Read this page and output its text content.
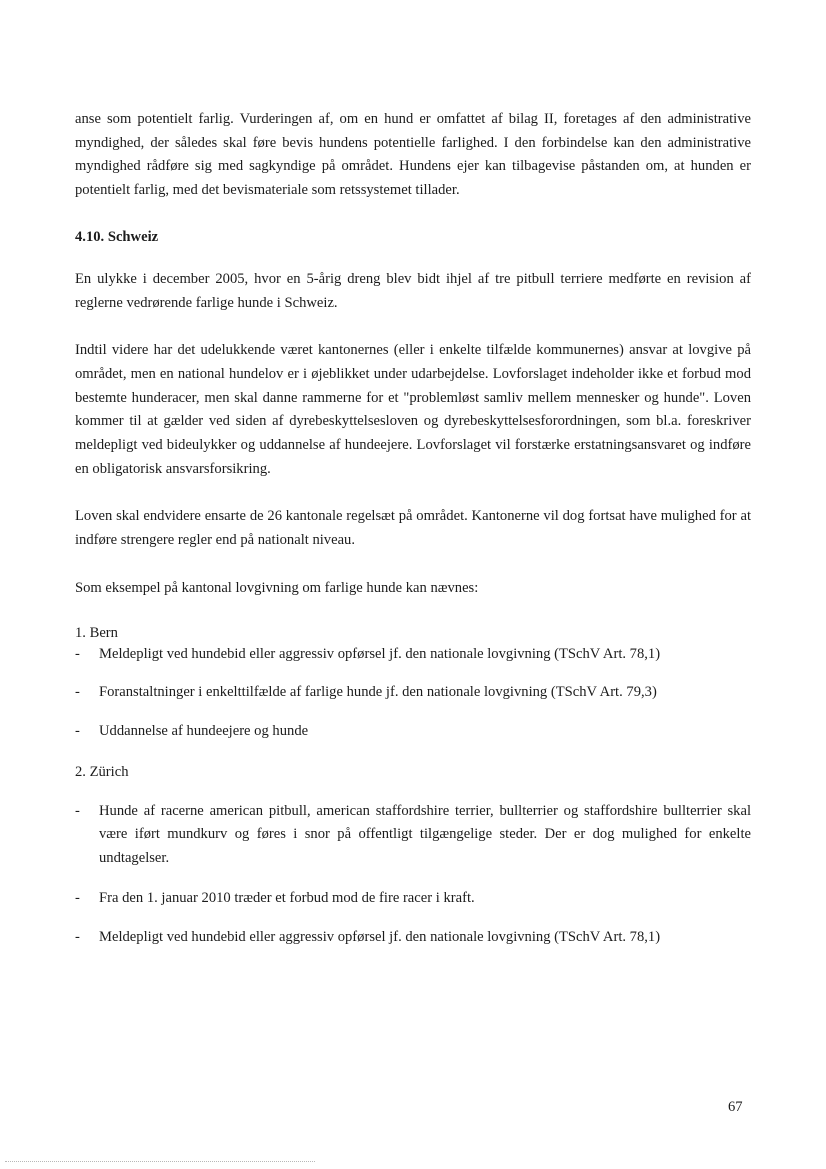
anse som potentielt farlig. Vurderingen af, om en hund er omfattet af bilag II, foretages af den administrative myndighed, der således skal føre bevis hundens potentielle farlighed. I den forbindelse kan den administrative myndighed rådføre sig med sagkyndige på området. Hundens ejer kan tilbagevise påstanden om, at hunden er potentielt farlig, med det bevismateriale som retssystemet tillader.

4.10. Schweiz

En ulykke i december 2005, hvor en 5-årig dreng blev bidt ihjel af tre pitbull terriere medførte en revision af reglerne vedrørende farlige hunde i Schweiz.

Indtil videre har det udelukkende været kantonernes (eller i enkelte tilfælde kommunernes) ansvar at lovgive på området, men en national hundelov er i øjeblikket under udarbejdelse. Lovforslaget indeholder ikke et forbud mod bestemte hunderacer, men skal danne rammerne for et "problemløst samliv mellem mennesker og hunde". Loven kommer til at gælder ved siden af dyrebeskyttelsesloven og dyrebeskyttelsesforordningen, som bl.a. foreskriver meldepligt ved bideulykker og uddannelse af hundeejere. Lovforslaget vil forstærke erstatningsansvaret og indføre en obligatorisk ansvarsforsikring.

Loven skal endvidere ensarte de 26 kantonale regelsæt på området. Kantonerne vil dog fortsat have mulighed for at indføre strengere regler end på nationalt niveau.

Som eksempel på kantonal lovgivning om farlige hunde kan nævnes:

1. Bern
- Meldepligt ved hundebid eller aggressiv opførsel jf. den nationale lovgivning (TSchV Art. 78,1)
- Foranstaltninger i enkelttilfælde af farlige hunde jf. den nationale lovgivning (TSchV Art. 79,3)
- Uddannelse af hundeejere og hunde
2. Zürich
- Hunde af racerne american pitbull, american staffordshire terrier, bullterrier og staffordshire bullterrier skal være iført mundkurv og føres i snor på offentligt tilgængelige steder. Der er dog mulighed for enkelte undtagelser.
- Fra den 1. januar 2010 træder et forbud mod de fire racer i kraft.
- Meldepligt ved hundebid eller aggressiv opførsel jf. den nationale lovgivning (TSchV Art. 78,1)
67
